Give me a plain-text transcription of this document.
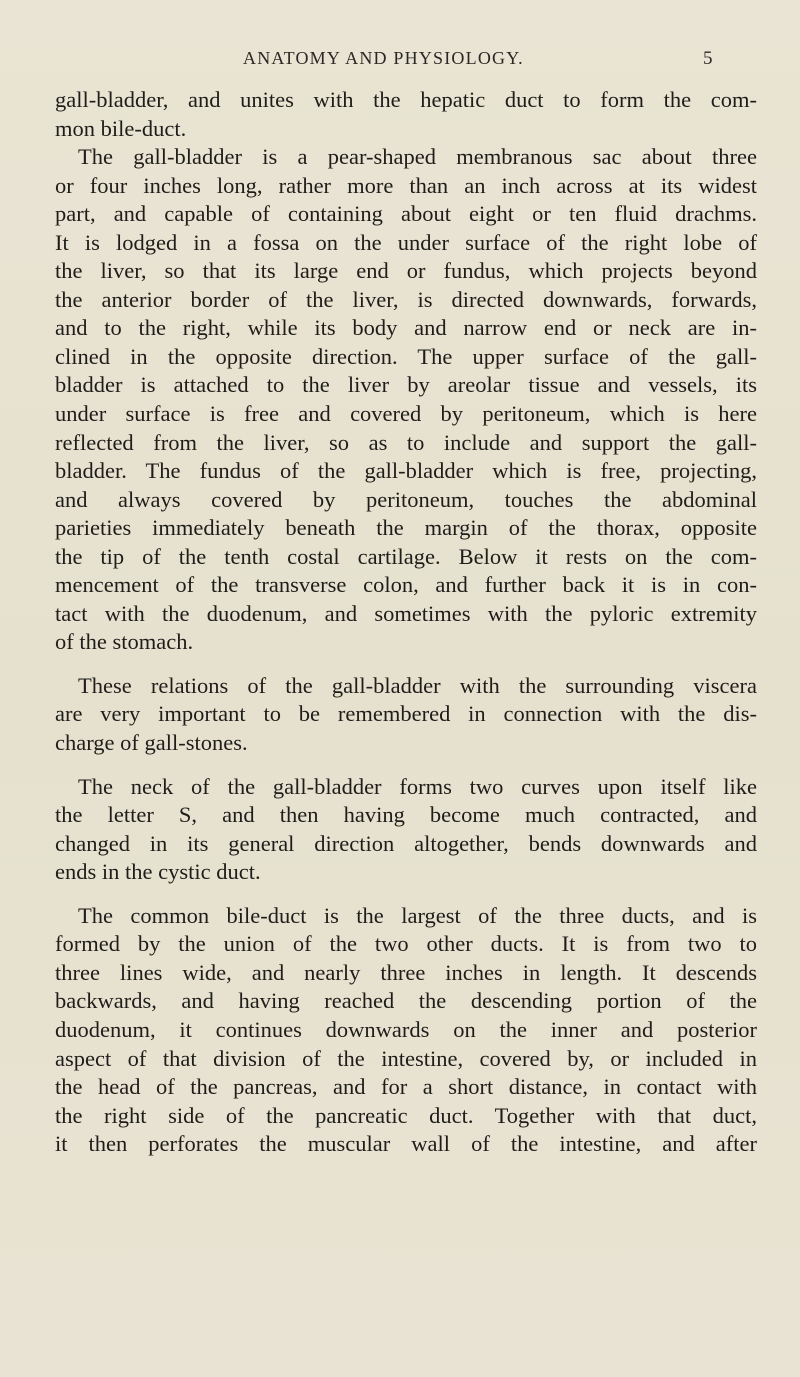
ANATOMY AND PHYSIOLOGY.	5

gall-bladder, and unites with the hepatic duct to form the com-
mon bile-duct.

The gall-bladder is a pear-shaped membranous sac about three
or four inches long, rather more than an inch across at its widest
part, and capable of containing about eight or ten fluid drachms.
It is lodged in a fossa on the under surface of the right lobe of
the liver, so that its large end or fundus, which projects beyond
the anterior border of the liver, is directed downwards, forwards,
and to the right, while its body and narrow end or neck are in-
clined in the opposite direction. The upper surface of the gall-
bladder is attached to the liver by areolar tissue and vessels, its
under surface is free and covered by peritoneum, which is here
reflected from the liver, so as to include and support the gall-
bladder. The fundus of the gall-bladder which is free, projecting,
and always covered by peritoneum, touches the abdominal
parieties immediately beneath the margin of the thorax, opposite
the tip of the tenth costal cartilage. Below it rests on the com-
mencement of the transverse colon, and further back it is in con-
tact with the duodenum, and sometimes with the pyloric extremity
of the stomach.

These relations of the gall-bladder with the surrounding viscera
are very important to be remembered in connection with the dis-
charge of gall-stones.

The neck of the gall-bladder forms two curves upon itself like
the letter S, and then having become much contracted, and
changed in its general direction altogether, bends downwards and
ends in the cystic duct.

The common bile-duct is the largest of the three ducts, and is
formed by the union of the two other ducts. It is from two to
three lines wide, and nearly three inches in length. It descends
backwards, and having reached the descending portion of the
duodenum, it continues downwards on the inner and posterior
aspect of that division of the intestine, covered by, or included in
the head of the pancreas, and for a short distance, in contact with
the right side of the pancreatic duct. Together with that duct,
it then perforates the muscular wall of the intestine, and after
